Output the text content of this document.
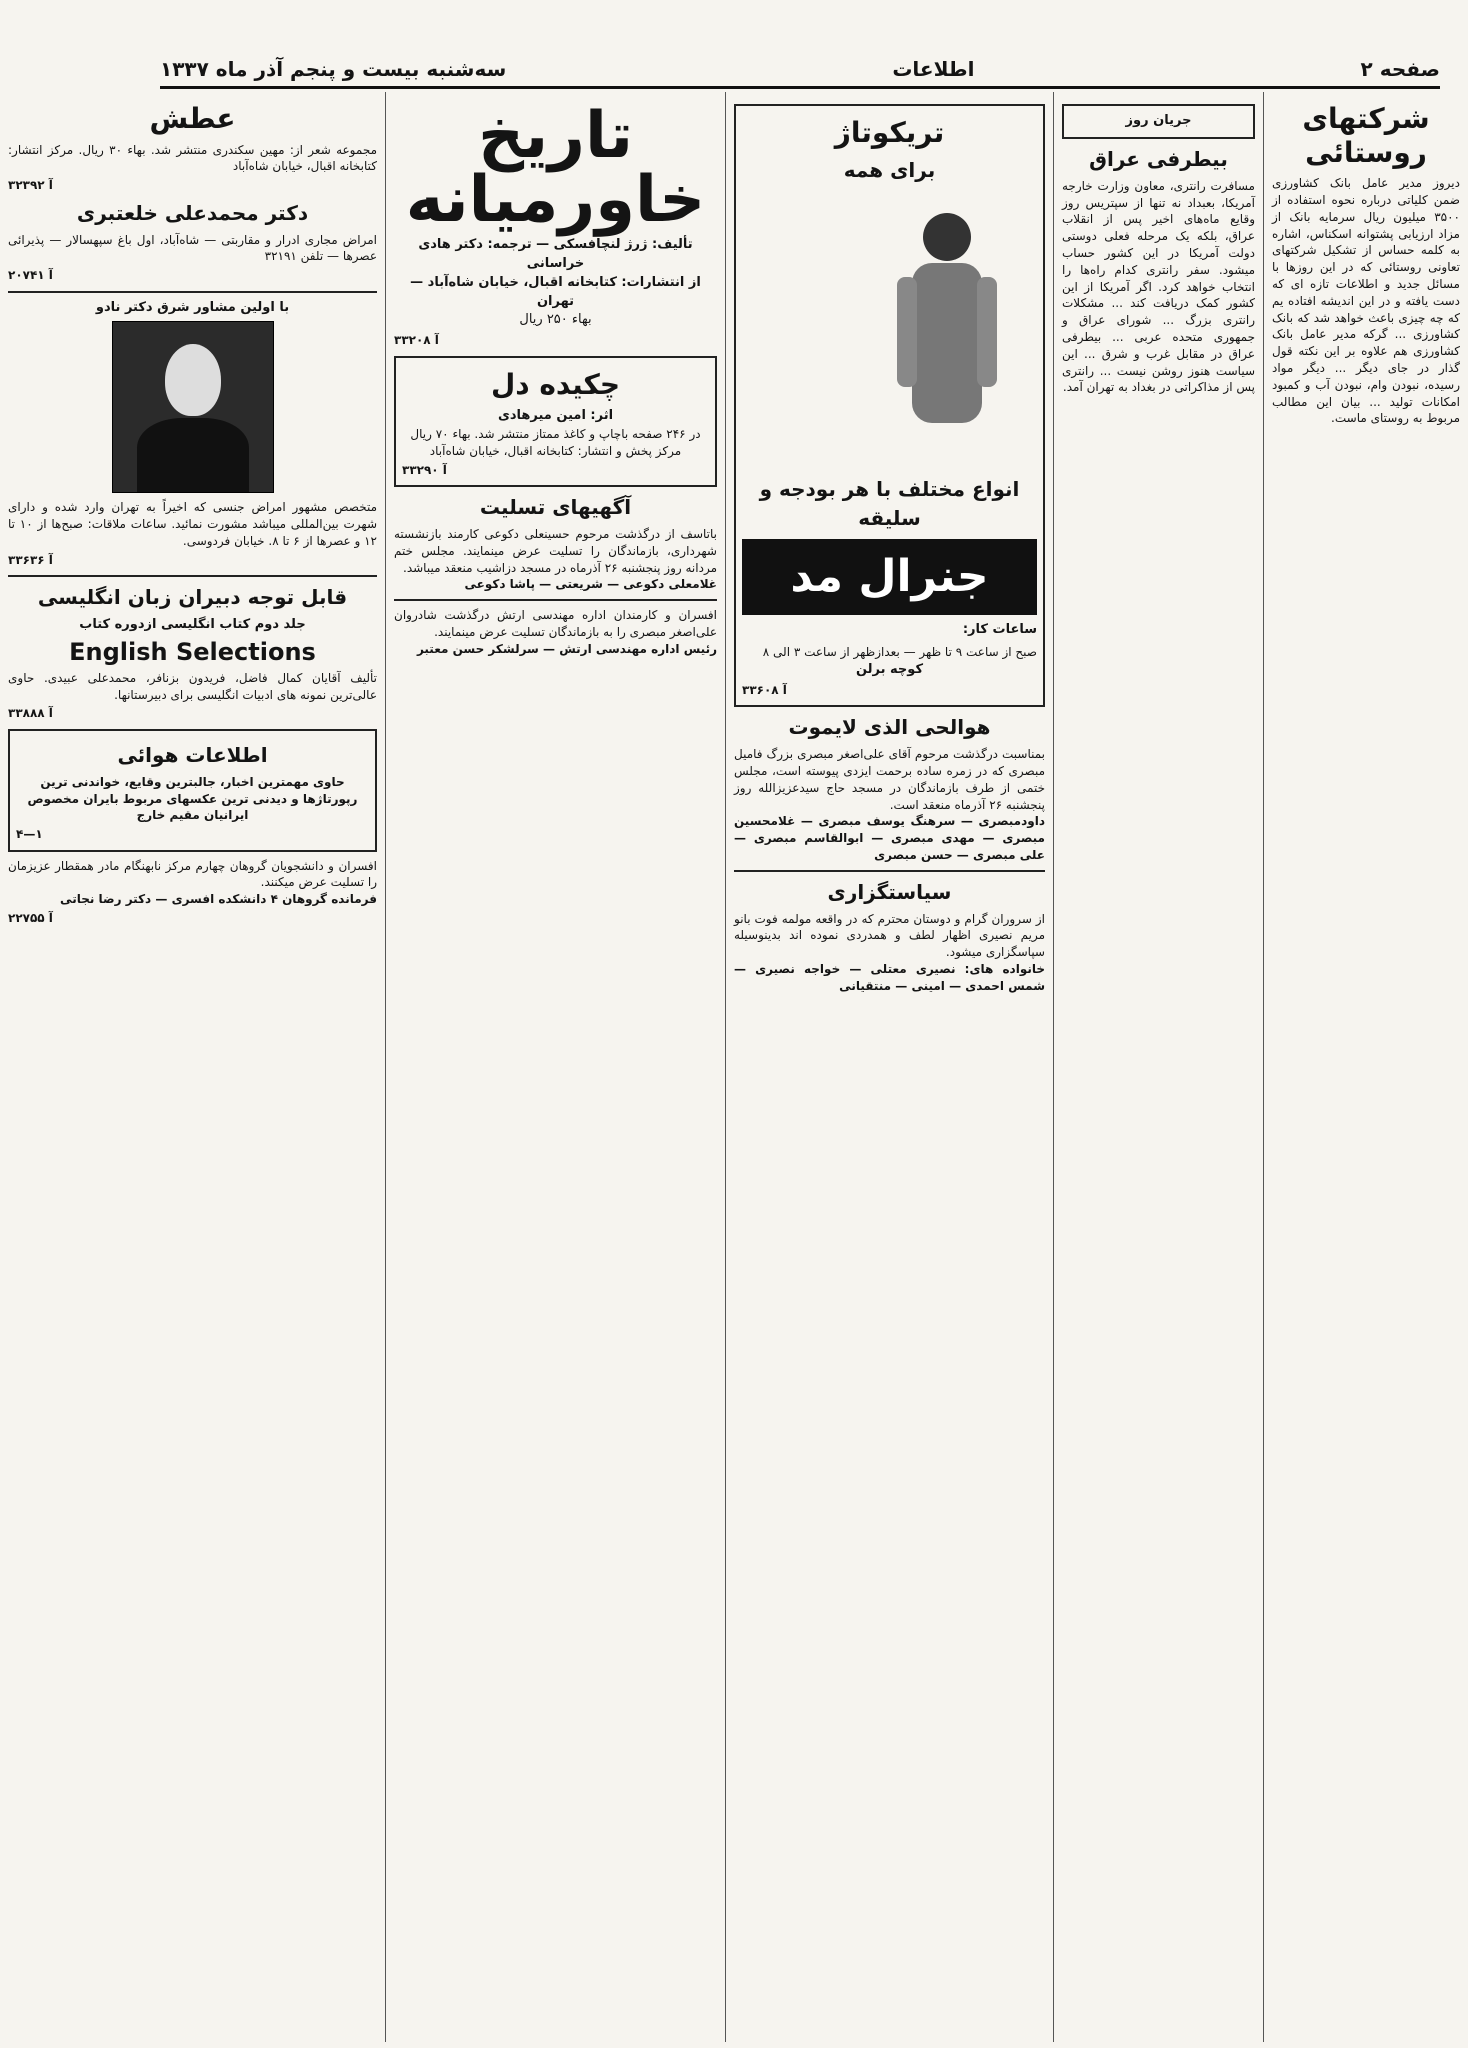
صفحه ۲
اطلاعات
سه‌شنبه بیست و پنجم آذر ماه ۱۳۳۷
شرکتهای روستائی
دیروز مدیر عامل بانک کشاورزی ضمن کلیاتی درباره نحوه استفاده از ۳۵۰۰ میلیون ریال سرمایه بانک از مزاد ارزیابی پشتوانه اسکناس، اشاره به کلمه حساس از تشکیل شرکتهای تعاونی روستائی که در این روزها با مسائل جدید و اطلاعات تازه ای که دست یافته و در این اندیشه افتاده یم که چه چیزی باعث خواهد شد که بانک کشاورزی ... گرکه مدیر عامل بانک کشاورزی هم علاوه بر این نکته قول گذار در جای دیگر ... دیگر مواد رسیده، نبودن وام، نبودن آب و کمبود امکانات تولید ... بیان این مطالب مربوط به روستای ماست.
جریان روز
بیطرفی عراق
مسافرت رانتری، معاون وزارت خارجه آمریکا، بعبداد نه تنها از سپتریس روز وقایع ماه‌های اخیر پس از انقلاب عراق، بلکه یک مرحله فعلی دوستی دولت آمریکا در این کشور حساب میشود. سفر رانتری کدام راه‌ها را انتخاب خواهد کرد. اگر آمریکا از این کشور کمک دریافت کند ... مشکلات رانتری بزرگ ... شورای عراق و جمهوری متحده عربی ... بیطرفی عراق در مقابل غرب و شرق ... این سیاست هنوز روشن نیست ... رانتری پس از مذاکراتی در بغداد به تهران آمد.
تریکوتاژ
برای همه
انواع مختلف با هر بودجه و سلیقه
جنرال مد
ساعات کار:
صبح از ساعت ۹ تا ظهر — بعدازظهر از ساعت ۳ الی ۸
کوچه برلن
آ ۳۳۶۰۸
هوالحی الذی لایموت
بمناسبت درگذشت مرحوم آقای علی‌اصغر مبصری بزرگ فامیل مبصری که در زمره ساده برحمت ایزدی پیوسته است، مجلس ختمی از طرف بازماندگان در مسجد حاج سیدعزیزالله روز پنجشنبه ۲۶ آذرماه منعقد است.
داودمبصری — سرهنگ یوسف مبصری — غلامحسین مبصری — مهدی مبصری — ابوالقاسم مبصری — علی مبصری — حسن مبصری
سیاستگزاری
از سروران گرام و دوستان محترم که در واقعه مولمه فوت بانو مریم نصیری اظهار لطف و همدردی نموده اند بدینوسیله سپاسگزاری میشود.
خانواده های: نصیری معتلی — خواجه نصیری — شمس احمدی — امینی — منتقیانی
تاریخ خاورمیانه
تألیف: ژرژ لنچافسکی — ترجمه: دکتر هادی خراسانی
از انتشارات: کتابخانه اقبال، خیابان شاه‌آباد — تهران
بهاء ۲۵۰ ریال
آ ۳۳۲۰۸
چکیده دل
اثر: امین میرهادی
در ۲۴۶ صفحه باچاپ و کاغذ ممتاز منتشر شد. بهاء ۷۰ ریال
مرکز پخش و انتشار: کتابخانه اقبال، خیابان شاه‌آباد
آ ۳۳۲۹۰
آگهیهای تسلیت
باتاسف از درگذشت مرحوم حسینعلی دکوعی کارمند بازنشسته شهرداری، بازماندگان را تسلیت عرض مینمایند. مجلس ختم مردانه روز پنجشنبه ۲۶ آذرماه در مسجد دزاشیب منعقد میباشد.
غلامعلی دکوعی — شریعتی — پاشا دکوعی
افسران و کارمندان اداره مهندسی ارتش درگذشت شادروان علی‌اصغر مبصری را به بازماندگان تسلیت عرض مینمایند.
رئیس اداره مهندسی ارتش — سرلشکر حسن معتبر
عطش
مجموعه شعر از: مهین سکندری منتشر شد. بهاء ۳۰ ریال. مرکز انتشار: کتابخانه اقبال، خیابان شاه‌آباد
آ ۳۲۳۹۲
دکتر محمدعلی خلعتبری
امراض مجاری ادرار و مقاربتی — شاه‌آباد، اول باغ سپهسالار — پذیرائی عصرها — تلفن ۳۲۱۹۱
آ ۲۰۷۴۱
با اولین مشاور شرق دکتر نادو
متخصص مشهور امراض جنسی که اخیراً به تهران وارد شده و دارای شهرت بین‌المللی میباشد مشورت نمائید. ساعات ملاقات: صبح‌ها از ۱۰ تا ۱۲ و عصرها از ۶ تا ۸. خیابان فردوسی.
آ ۳۳۶۳۶
قابل توجه دبیران زبان انگلیسی
جلد دوم کتاب انگلیسی ازدوره کتاب
English Selections
تألیف آقایان کمال فاضل، فریدون بزنافر، محمدعلی عبیدی. حاوی عالی‌ترین نمونه های ادبیات انگلیسی برای دبیرستانها.
آ ۳۳۸۸۸
اطلاعات هوائی
حاوی مهمترین اخبار، جالبترین وقایع، خواندنی ترین رپورتاژها و دیدنی ترین عکسهای مربوط بایران مخصوص ایرانیان مقیم خارج
۱—۴
افسران و دانشجویان گروهان چهارم مرکز نابهنگام مادر همقطار عزیزمان را تسلیت عرض میکنند.
فرمانده گروهان ۴ دانشکده افسری — دکتر رضا نجاتی
آ ۲۲۷۵۵
